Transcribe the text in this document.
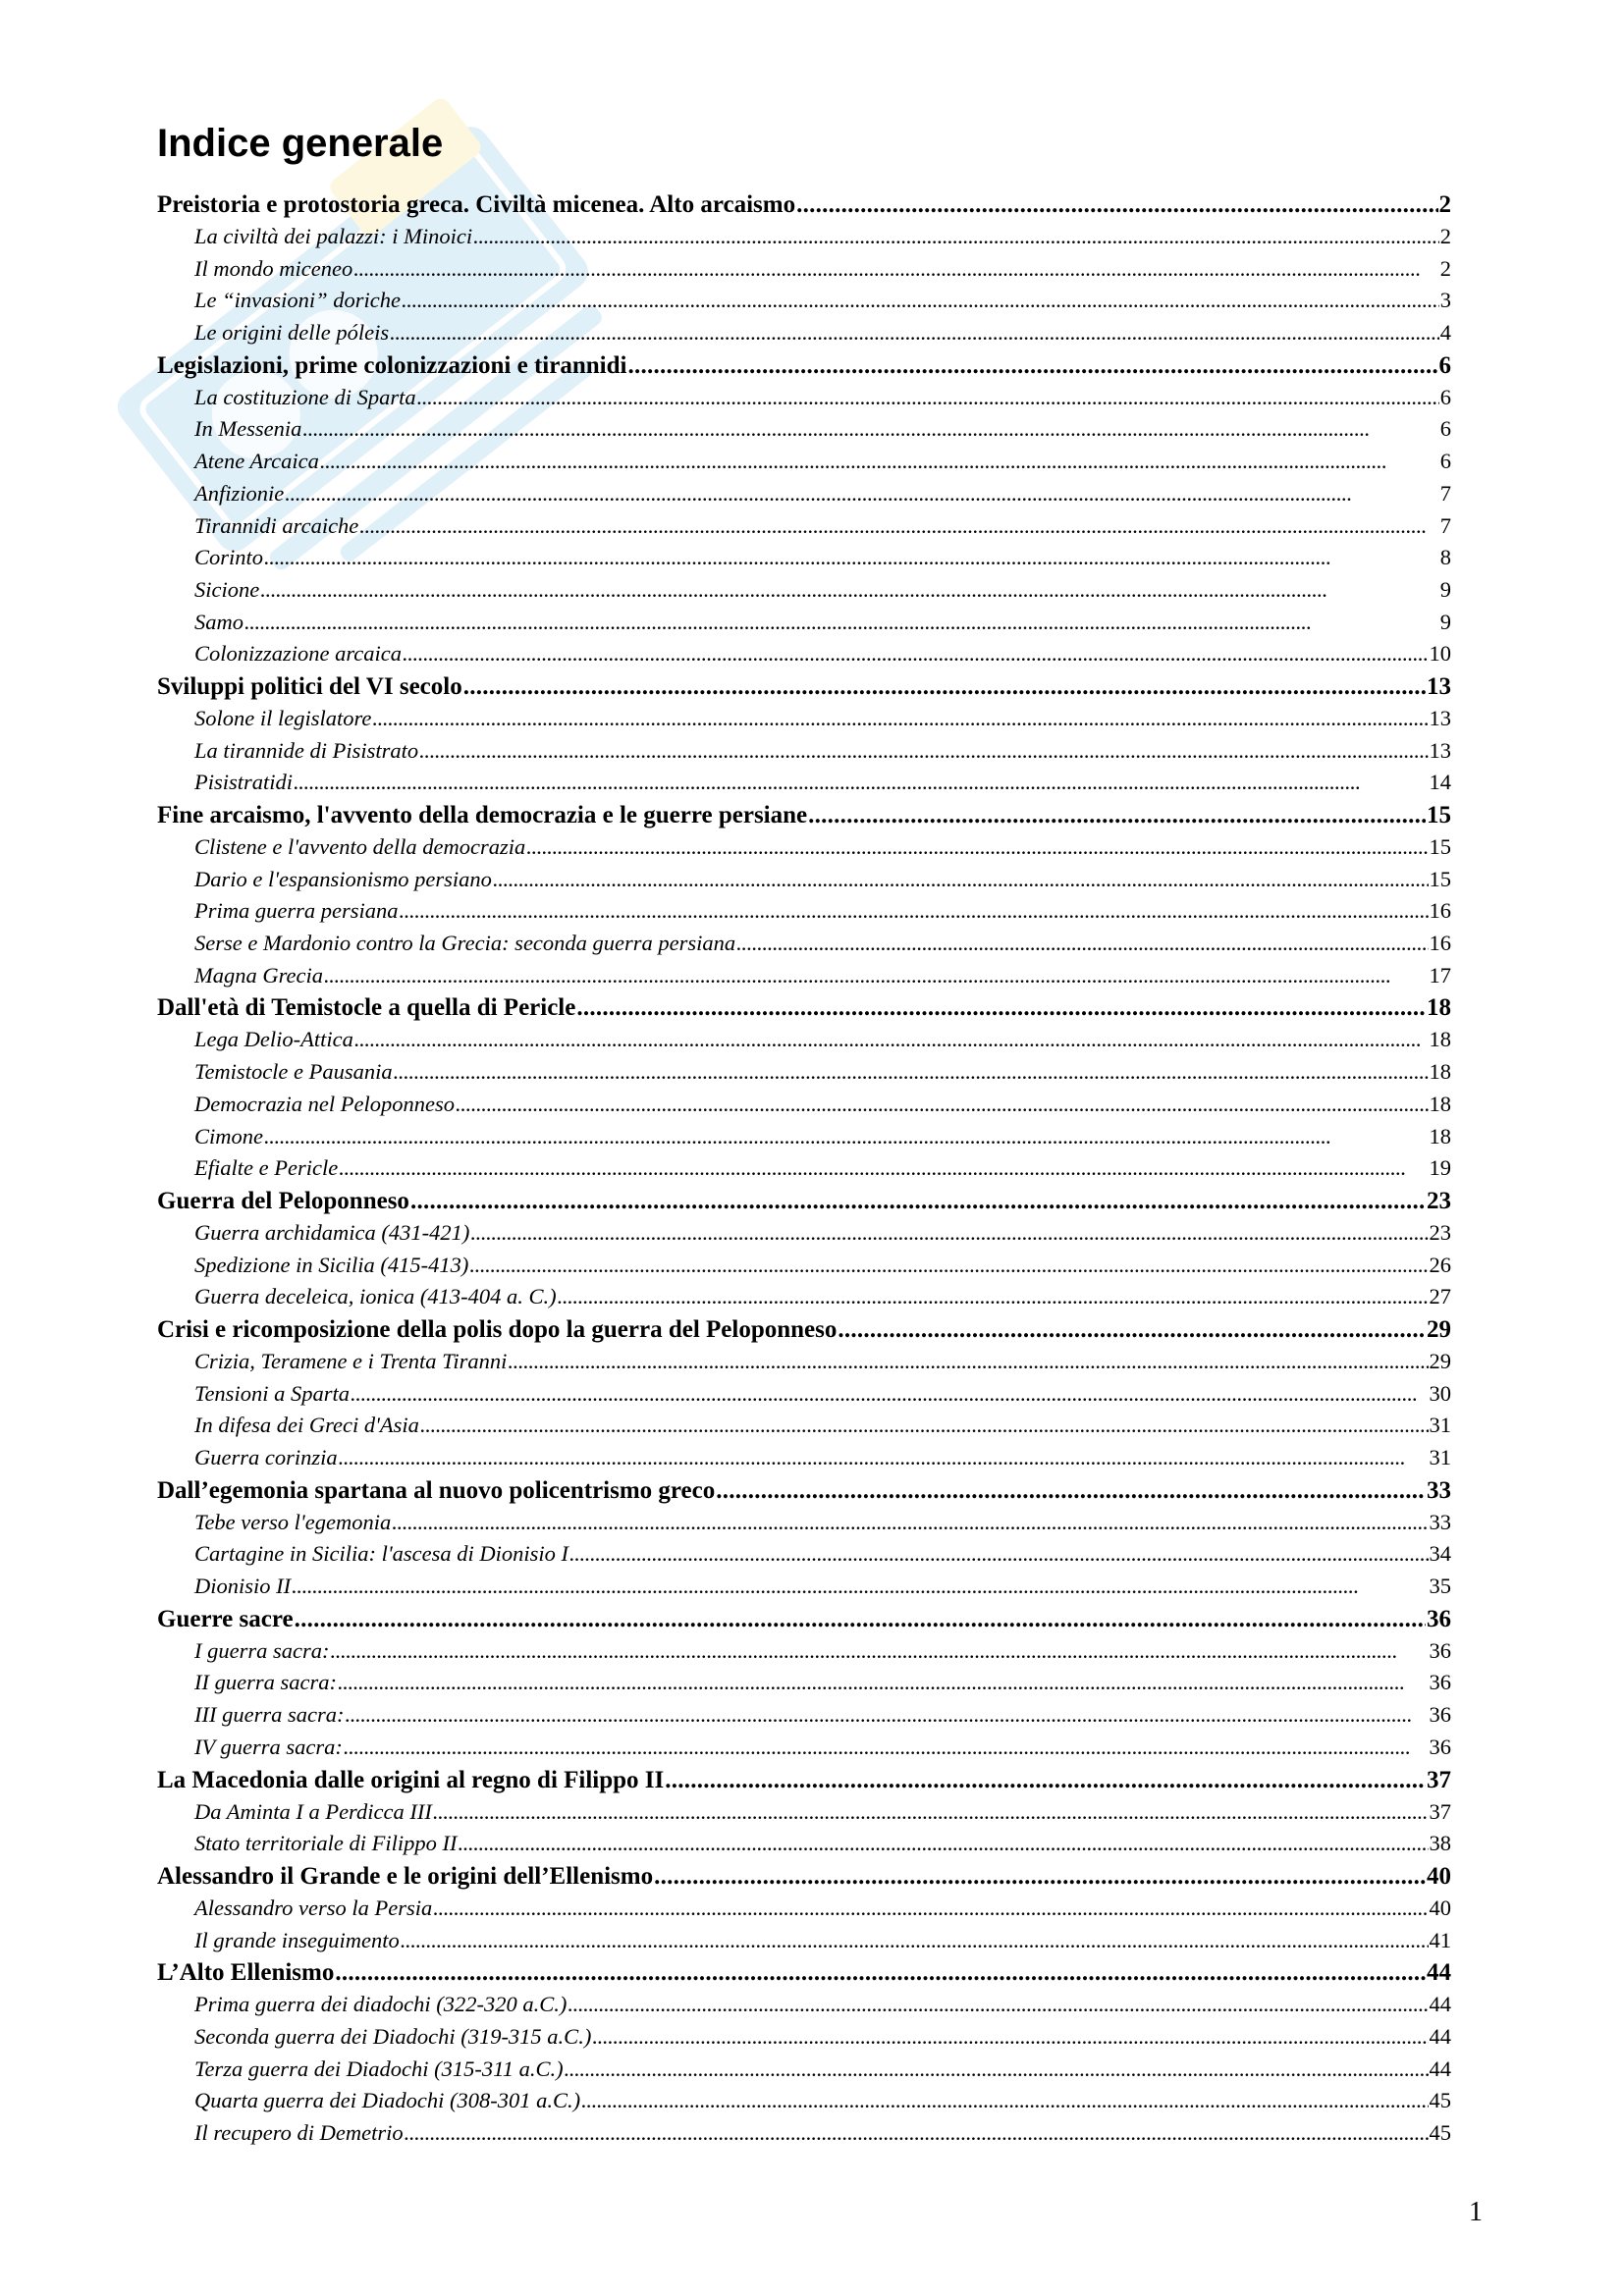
Indice generale
Preistoria e protostoria greca. Civiltà micenea. Alto arcaismo . . .	2
La civiltà dei palazzi: i Minoici . . .	2
Il mondo miceneo . . .	2
Le “invasioni” doriche . . .	3
Le origini delle póleis . . .	4
Legislazioni, prime colonizzazioni e tirannidi . . .	6
La costituzione di Sparta . . .	6
In Messenia . . .	6
Atene Arcaica . . .	6
Anfizionie . . .	7
Tirannidi arcaiche . . .	7
Corinto . . .	8
Sicione . . .	9
Samo . . .	9
Colonizzazione arcaica . . .	10
Sviluppi politici del VI secolo . . .	13
Solone il legislatore . . .	13
La tirannide di Pisistrato . . .	13
Pisistratidi . . .	14
Fine arcaismo, l'avvento della democrazia e le guerre persiane . . .	15
Clistene e l'avvento della democrazia . . .	15
Dario e l'espansionismo persiano . . .	15
Prima guerra persiana . . .	16
Serse e Mardonio contro la Grecia: seconda guerra persiana . . .	16
Magna Grecia . . .	17
Dall'età di Temistocle a quella di Pericle . . .	18
Lega Delio-Attica . . .	18
Temistocle e Pausania . . .	18
Democrazia nel Peloponneso . . .	18
Cimone . . .	18
Efialte e Pericle . . .	19
Guerra del Peloponneso . . .	23
Guerra archidamica (431-421) . . .	23
Spedizione in Sicilia (415-413) . . .	26
Guerra deceleica, ionica (413-404 a. C.) . . .	27
Crisi e ricomposizione della polis dopo la guerra del Peloponneso . . .	29
Crizia, Teramene e i Trenta Tiranni . . .	29
Tensioni a Sparta . . .	30
In difesa dei Greci d'Asia . . .	31
Guerra corinzia . . .	31
Dall’egemonia spartana al nuovo policentrismo greco . . .	33
Tebe verso l'egemonia . . .	33
Cartagine in Sicilia: l'ascesa di Dionisio I . . .	34
Dionisio II . . .	35
Guerre sacre . . .	36
I guerra sacra: . . .	36
II guerra sacra: . . .	36
III guerra sacra: . . .	36
IV guerra sacra: . . .	36
La Macedonia dalle origini al regno di Filippo II . . .	37
Da Aminta I a Perdicca III . . .	37
Stato territoriale di Filippo II . . .	38
Alessandro il Grande e le origini dell’Ellenismo . . .	40
Alessandro verso la Persia . . .	40
Il grande inseguimento . . .	41
L’Alto Ellenismo . . .	44
Prima guerra dei diadochi (322-320 a.C.) . . .	44
Seconda guerra dei Diadochi (319-315 a.C.) . . .	44
Terza guerra dei Diadochi (315-311 a.C.) . . .	44
Quarta guerra dei Diadochi (308-301 a.C.) . . .	45
Il recupero di Demetrio . . .	45
1
